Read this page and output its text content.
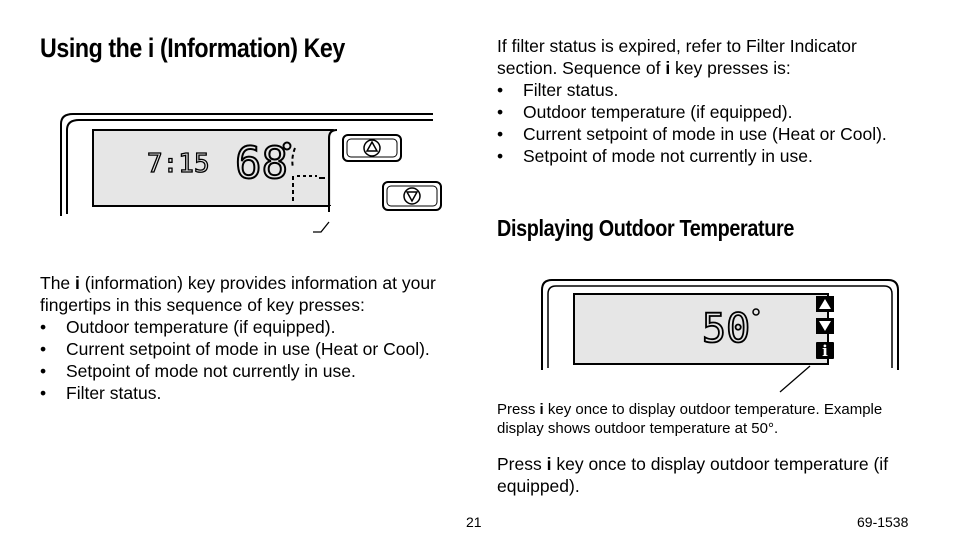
Using the i (Information) Key
7:15 68
The i (information) key provides information at your fingertips in this sequence of key presses:
• Outdoor temperature (if equipped).
• Current setpoint of mode in use (Heat or Cool).
• Setpoint of mode not currently in use.
• Filter status.
If filter status is expired, refer to Filter Indicator section. Sequence of i key presses is:
• Filter status.
• Outdoor temperature (if equipped).
• Current setpoint of mode in use (Heat or Cool).
• Setpoint of mode not currently in use.
Displaying Outdoor Temperature
50	i
Press i key once to display outdoor temperature. Example display shows outdoor temperature at 50°.
Press i key once to display outdoor temperature (if equipped).
21	69-1538
